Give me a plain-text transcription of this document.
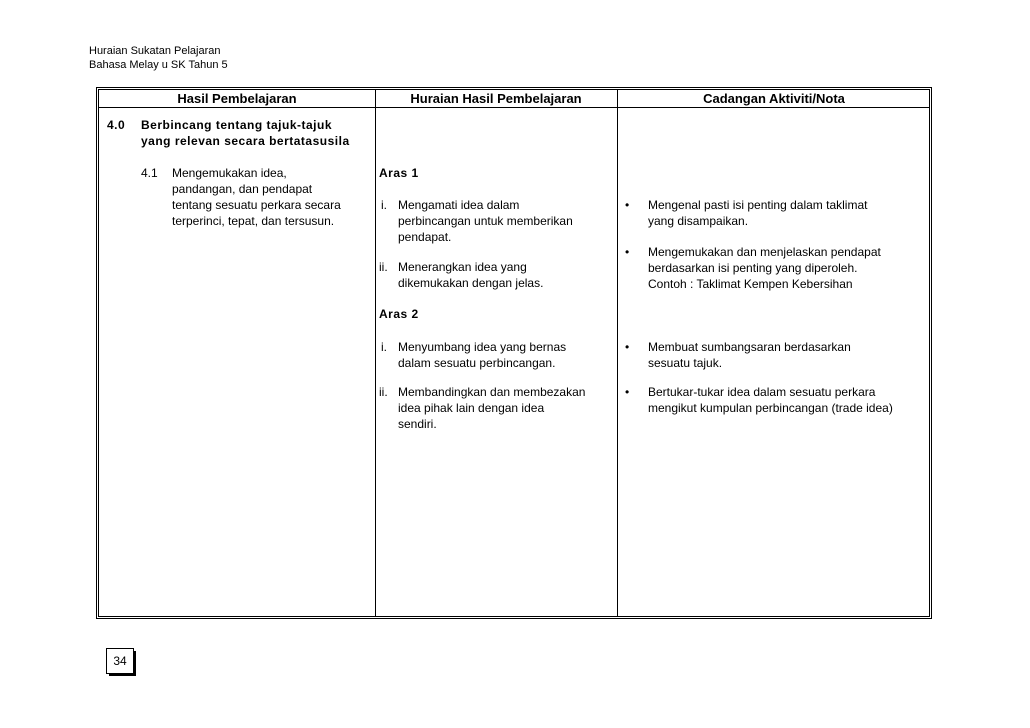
Huraian Sukatan Pelajaran
Bahasa Melay u SK Tahun 5
Hasil Pembelajaran	Huraian Hasil Pembelajaran	Cadangan Aktiviti/Nota
4.0 Berbincang tentang tajuk-tajuk
yang relevan secara bertatasusila
4.1 Mengemukakan idea,
pandangan, dan pendapat
tentang sesuatu perkara secara
terperinci, tepat, dan tersusun.
Aras 1
i. Mengamati idea dalam
perbincangan untuk memberikan
pendapat.
ii. Menerangkan idea yang
dikemukakan dengan jelas.
Aras 2
i. Menyumbang idea yang bernas
dalam sesuatu perbincangan.
ii. Membandingkan dan membezakan
idea pihak lain dengan idea
sendiri.
• Mengenal pasti isi penting dalam taklimat
yang disampaikan.
• Mengemukakan dan menjelaskan pendapat
berdasarkan isi penting yang diperoleh.
Contoh : Taklimat Kempen Kebersihan
• Membuat sumbangsaran berdasarkan
sesuatu tajuk.
• Bertukar-tukar idea dalam sesuatu perkara
mengikut kumpulan perbincangan (trade idea)
34
